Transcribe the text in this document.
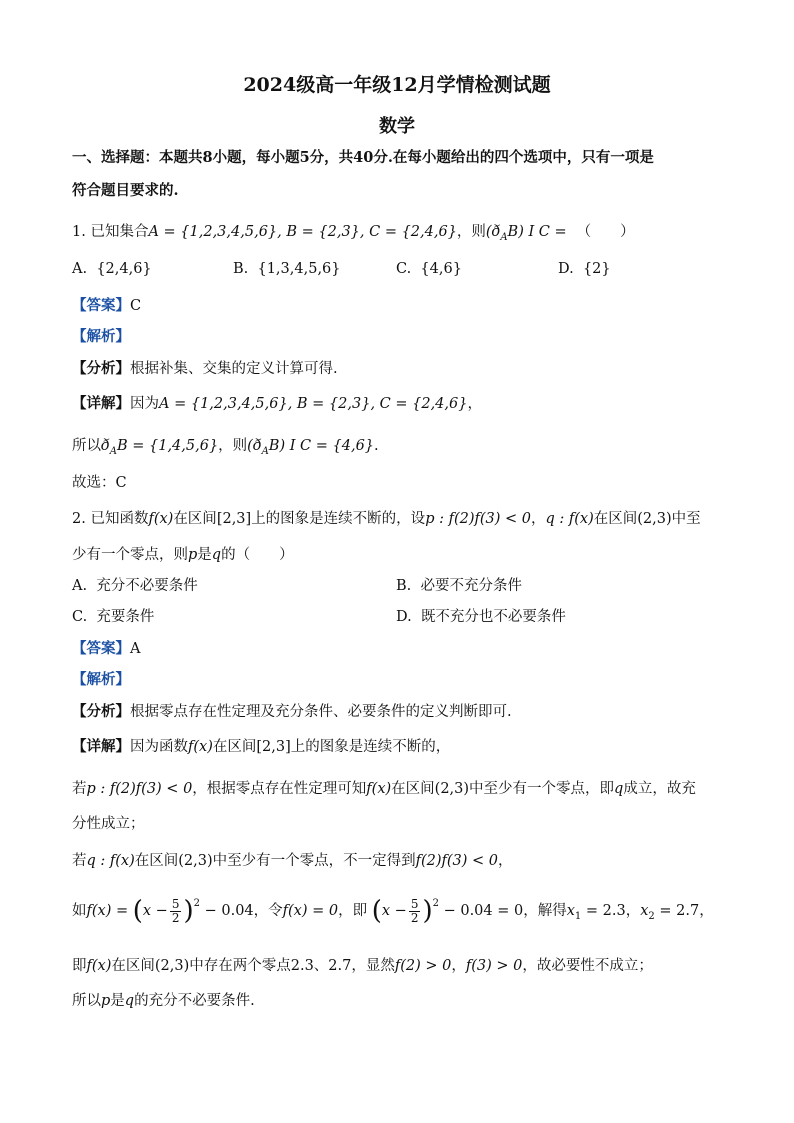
2024级高一年级12月学情检测试题
数学
一、选择题：本题共8小题，每小题5分，共40分.在每小题给出的四个选项中，只有一项是
符合题目要求的.
1. 已知集合A = {1,2,3,4,5,6}, B = {2,3}, C = {2,4,6}，则$(ð_AB)$ I C = （　　）
A. {2,4,6}	B. {1,3,4,5,6}	C. {4,6}	D. {2}
【答案】C
【解析】
【分析】根据补集、交集的定义计算可得.
【详解】因为A = {1,2,3,4,5,6}, B = {2,3}, C = {2,4,6}，
所以$ð_AB = \{1,4,5,6\}$，则$(ð_AB)$ I C = {4,6}.
故选：C
2. 已知函数f(x)在区间[2,3]上的图象是连续不断的，设p : f(2)f(3) < 0，q : f(x)在区间(2,3)中至
少有一个零点，则p是q的（　　）
A. 充分不必要条件	B. 必要不充分条件
C. 充要条件	D. 既不充分也不必要条件
【答案】A
【解析】
【分析】根据零点存在性定理及充分条件、必要条件的定义判断即可.
【详解】因为函数f(x)在区间[2,3]上的图象是连续不断的，
若p : f(2)f(3) < 0，根据零点存在性定理可知f(x)在区间(2,3)中至少有一个零点，即q成立，故充
分性成立；
若q : f(x)在区间(2,3)中至少有一个零点，不一定得到f(2)f(3) < 0，
如$f(x) = (x - \frac{5}{2} )^2 - 0.04$，令f(x) = 0，即 $(x - \frac{5}{2} )^2 - 0.04 = 0$，解得$x_1 = 2.3$，$x_2 = 2.7$，
即f(x)在区间(2,3)中存在两个零点2.3、2.7，显然f(2) > 0，f(3) > 0，故必要性不成立；
所以p是q的充分不必要条件.
